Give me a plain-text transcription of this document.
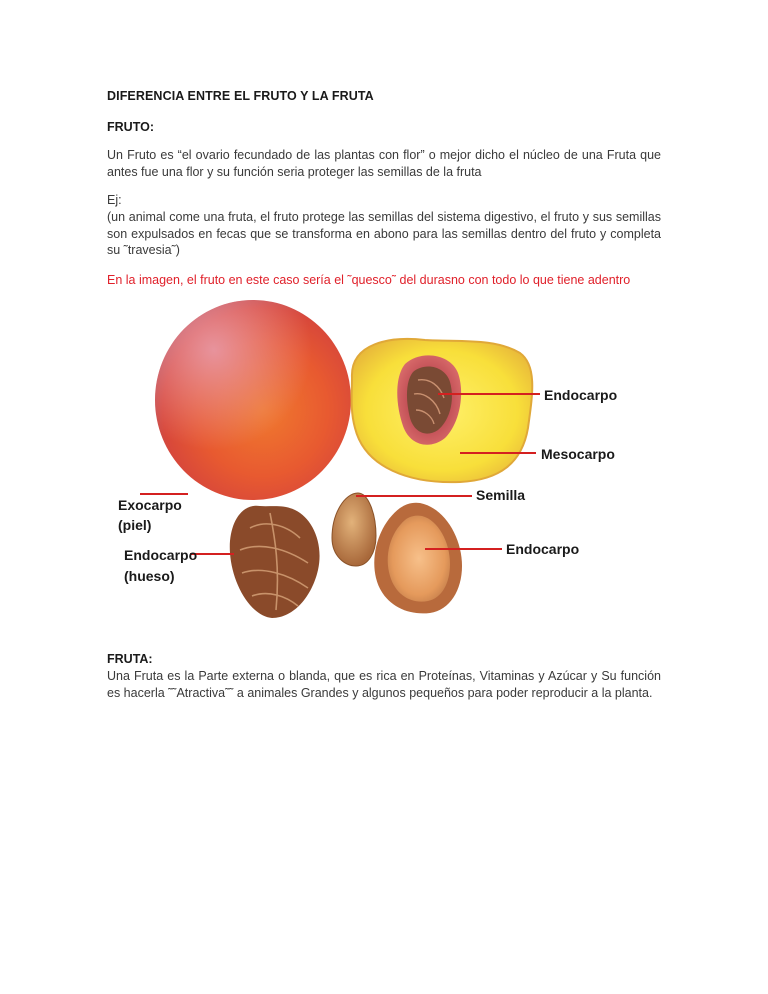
DIFERENCIA ENTRE EL FRUTO Y LA FRUTA
FRUTO:
Un Fruto es “el ovario fecundado de las plantas con flor” o mejor dicho el núcleo de una Fruta que antes fue una flor y su función seria proteger las semillas de la fruta
Ej:
(un animal come una fruta, el fruto protege las semillas del sistema digestivo, el fruto y sus semillas son expulsados en fecas que se transforma en abono para las semillas dentro del fruto y completa su ˜travesia˜)
En la imagen, el fruto en este caso sería el ˜quesco˜ del durasno con todo lo que tiene adentro
Endocarpo
Mesocarpo
Semilla
Exocarpo
(piel)
Endocarpo
(hueso)
Endocarpo
FRUTA:
Una Fruta es la Parte externa o blanda, que es rica en Proteínas, Vitaminas y Azúcar y Su función es hacerla ˜˜Atractiva˜˜ a animales Grandes y algunos pequeños para poder reproducir a la planta.
